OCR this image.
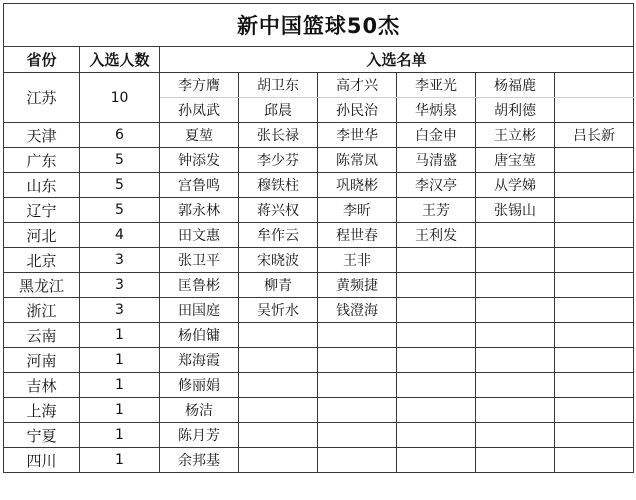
新中国篮球50杰							
省份	入选人数	入选名单					
江苏	10	李方膺	胡卫东	高才兴	李亚光	杨福鹿	
		孙凤武	邱晨	孙民治	华炳泉	胡利德	
天津	6	夏堃	张长禄	李世华	白金申	王立彬	吕长新
广东	5	钟添发	李少芬	陈常凤	马清盛	唐宝堃	
山东	5	宫鲁鸣	穆铁柱	巩晓彬	李汉亭	从学娣	
辽宁	5	郭永林	蒋兴权	李昕	王芳	张锡山	
河北	4	田文惠	牟作云	程世春	王利发		
北京	3	张卫平	宋晓波	王非			
黑龙江	3	匡鲁彬	柳青	黄频捷			
浙江	3	田国庭	吴忻水	钱澄海			
云南	1	杨伯镛					
河南	1	郑海霞					
吉林	1	修丽娟					
上海	1	杨洁					
宁夏	1	陈月芳					
四川	1	余邦基					
